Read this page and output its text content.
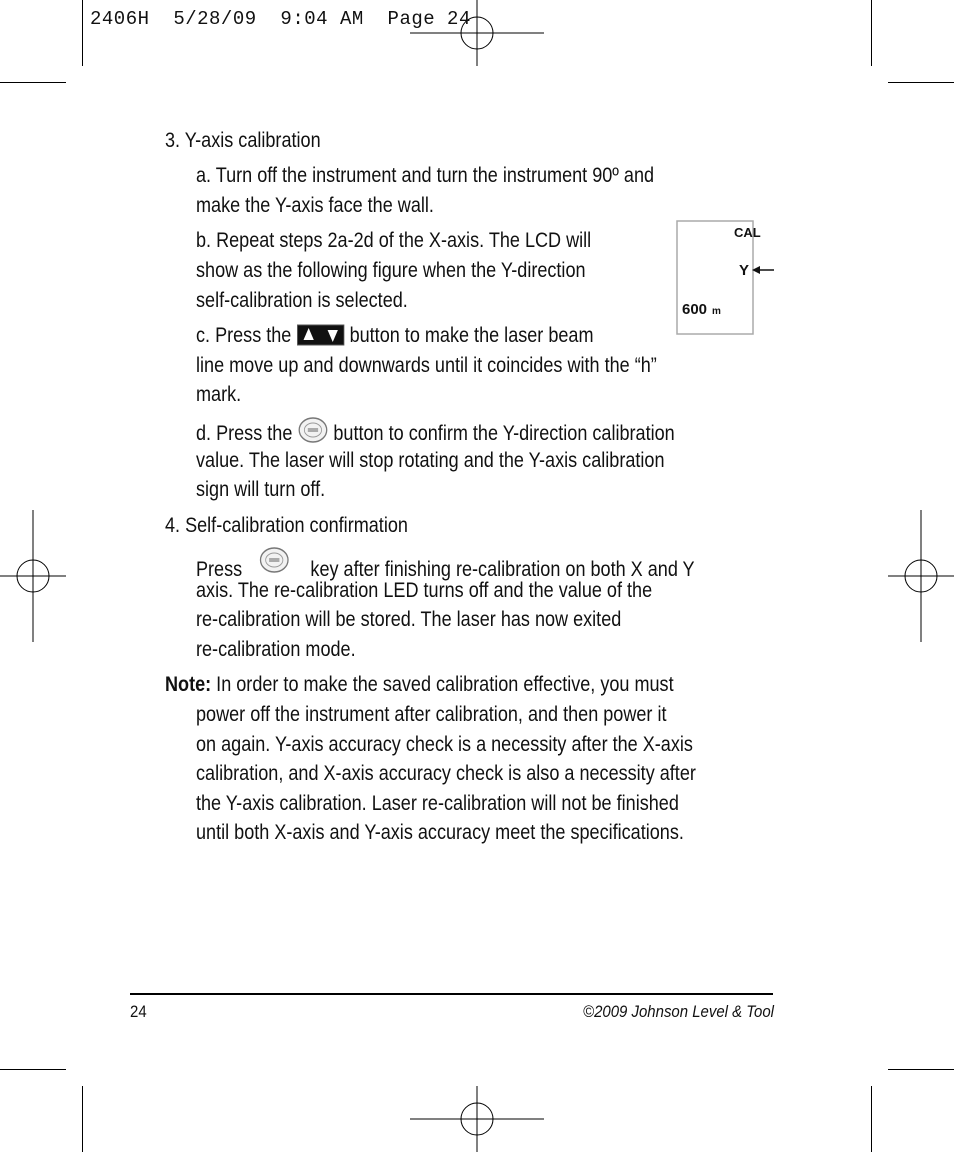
2406H  5/28/09  9:04 AM  Page 24
3. Y-axis calibration
a. Turn off the instrument and turn the instrument 90º and
make the Y-axis face the wall.
b. Repeat steps 2a-2d of the X-axis. The LCD will
show as the following figure when the Y-direction
self-calibration is selected.
c. Press the	button to make the laser beam
line move up and downwards until it coincides with the “h”
mark.
d. Press the button to confirm the Y-direction calibration
value. The laser will stop rotating and the Y-axis calibration
sign will turn off.
CAL
Y
600 m
4. Self-calibration confirmation
Press	key after finishing re-calibration on both X and Y
axis. The re-calibration LED turns off and the value of the
re-calibration will be stored. The laser has now exited
re-calibration mode.
Note: In order to make the saved calibration effective, you must
power off the instrument after calibration, and then power it
on again. Y-axis accuracy check is a necessity after the X-axis
calibration, and X-axis accuracy check is also a necessity after
the Y-axis calibration. Laser re-calibration will not be finished
until both X-axis and Y-axis accuracy meet the specifications.
24	©2009 Johnson Level & Tool
